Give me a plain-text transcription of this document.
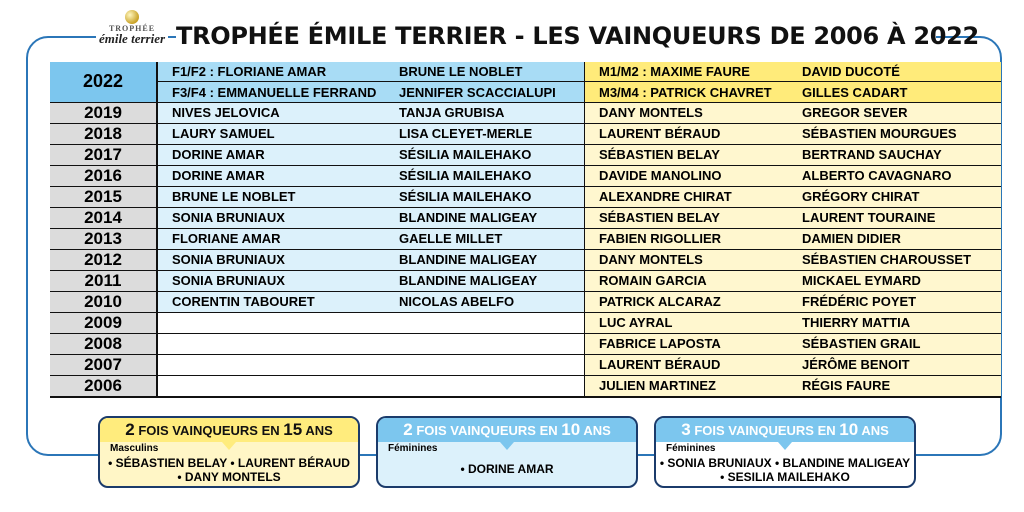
TROPHÉE
émile terrier TROPHÉE ÉMILE TERRIER - LES VAINQUEURS DE 2006 À 2022
2022	F1/F2 : FLORIANE AMAR	BRUNE LE NOBLET	M1/M2 : MAXIME FAURE	DAVID DUCOTÉ
	F3/F4 : EMMANUELLE FERRAND	JENNIFER SCACCIALUPI	M3/M4 : PATRICK CHAVRET	GILLES CADART
2019	NIVES JELOVICA	TANJA GRUBISA	DANY MONTELS	GREGOR SEVER
2018	LAURY SAMUEL	LISA CLEYET-MERLE	LAURENT BÉRAUD	SÉBASTIEN MOURGUES
2017	DORINE AMAR	SÉSILIA MAILEHAKO	SÉBASTIEN BELAY	BERTRAND SAUCHAY
2016	DORINE AMAR	SÉSILIA MAILEHAKO	DAVIDE MANOLINO	ALBERTO CAVAGNARO
2015	BRUNE LE NOBLET	SÉSILIA MAILEHAKO	ALEXANDRE CHIRAT	GRÉGORY CHIRAT
2014	SONIA BRUNIAUX	BLANDINE MALIGEAY	SÉBASTIEN BELAY	LAURENT TOURAINE
2013	FLORIANE AMAR	GAELLE MILLET	FABIEN RIGOLLIER	DAMIEN DIDIER
2012	SONIA BRUNIAUX	BLANDINE MALIGEAY	DANY MONTELS	SÉBASTIEN CHAROUSSET
2011	SONIA BRUNIAUX	BLANDINE MALIGEAY	ROMAIN GARCIA	MICKAEL EYMARD
2010	CORENTIN TABOURET	NICOLAS ABELFO	PATRICK ALCARAZ	FRÉDÉRIC POYET
2009			LUC AYRAL	THIERRY MATTIA
2008			FABRICE LAPOSTA	SÉBASTIEN GRAIL
2007			LAURENT BÉRAUD	JÉRÔME BENOIT
2006			JULIEN MARTINEZ	RÉGIS FAURE
2 FOIS VAINQUEURS EN 15 ANS
Masculins
• SÉBASTIEN BELAY • LAURENT BÉRAUD
• DANY MONTELS
2 FOIS VAINQUEURS EN 10 ANS
Féminines
• DORINE AMAR
3 FOIS VAINQUEURS EN 10 ANS
Féminines
• SONIA BRUNIAUX • BLANDINE MALIGEAY
• SESILIA MAILEHAKO
